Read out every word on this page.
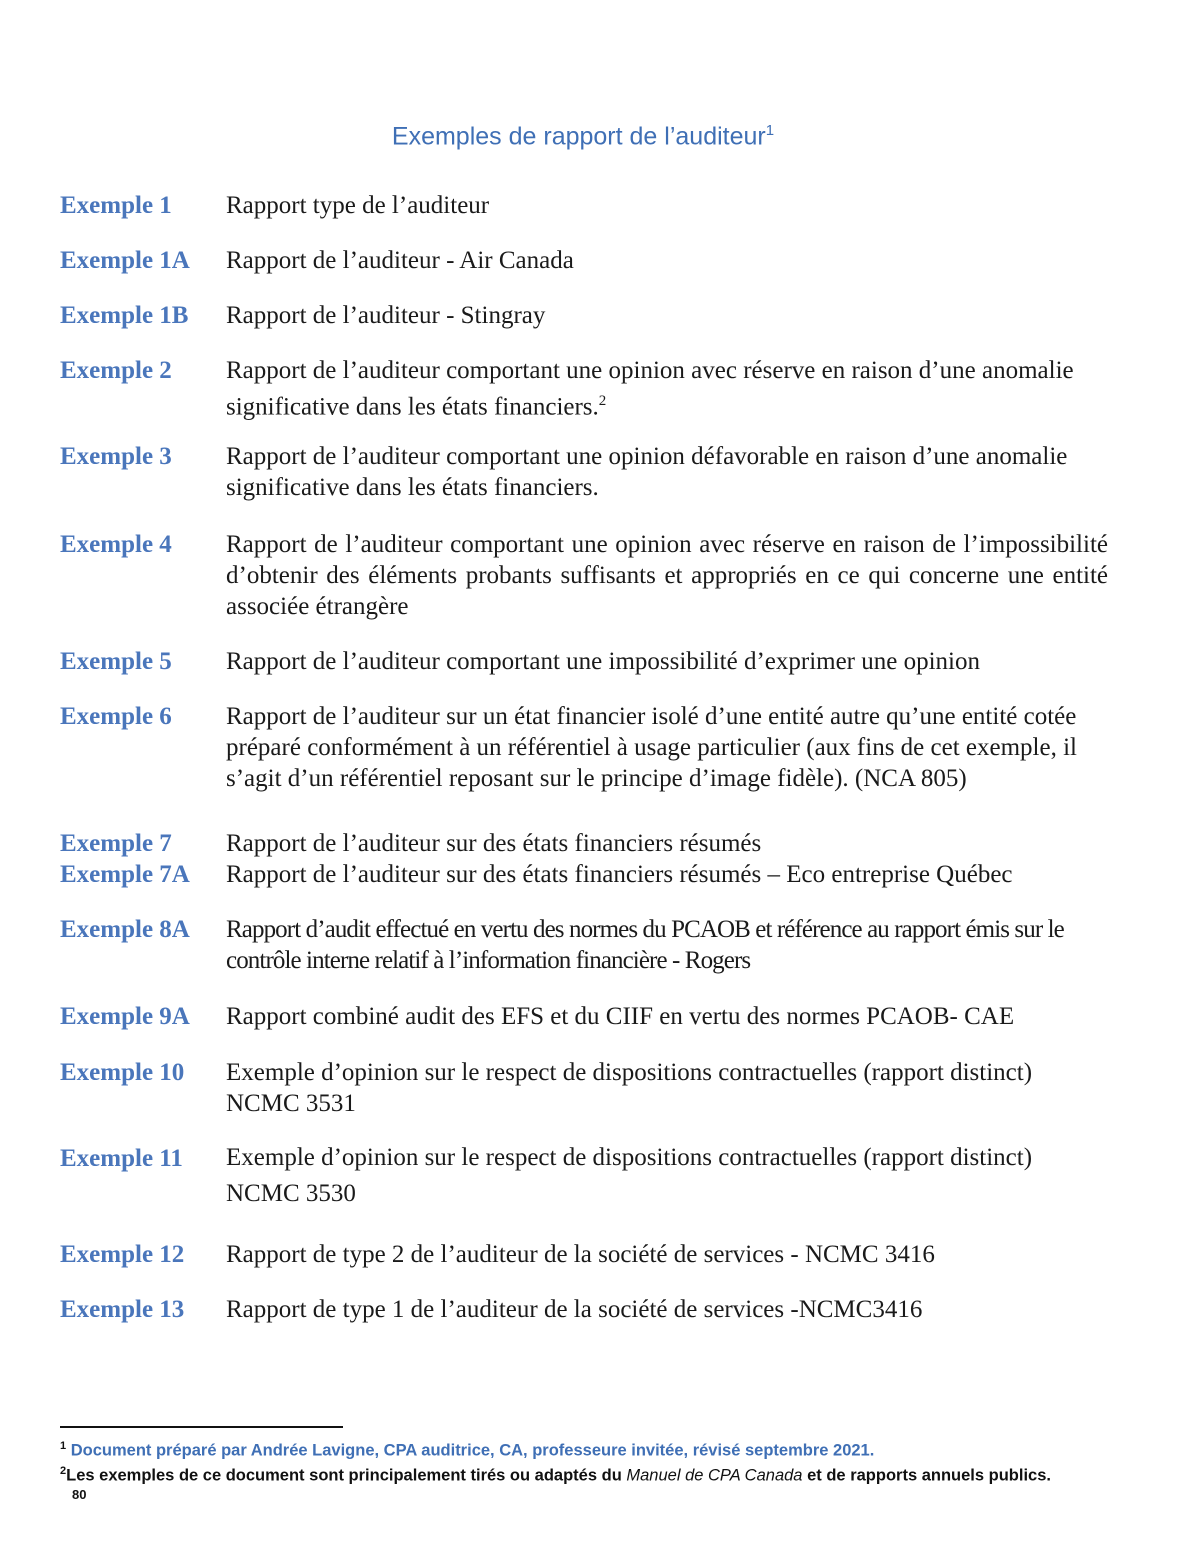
Exemples de rapport de l’auditeur$^1$
Exemple 1	Rapport type de l’auditeur
Exemple 1A	Rapport de l’auditeur - Air Canada
Exemple 1B	Rapport de l’auditeur - Stingray
Exemple 2	Rapport de l’auditeur comportant une opinion avec réserve en raison d’une anomalie significative dans les états financiers.$^2$
Exemple 3	Rapport de l’auditeur comportant une opinion défavorable en raison d’une anomalie significative dans les états financiers.
Exemple 4	Rapport de l’auditeur comportant une opinion avec réserve en raison de l’impossibilité d’obtenir des éléments probants suffisants et appropriés en ce qui concerne une entité associée étrangère
Exemple 5	Rapport de l’auditeur comportant une impossibilité d’exprimer une opinion
Exemple 6	Rapport de l’auditeur sur un état financier isolé d’une entité autre qu’une entité cotée préparé conformément à un référentiel à usage particulier (aux fins de cet exemple, il s’agit d’un référentiel reposant sur le principe d’image fidèle). (NCA 805)
Exemple 7	Rapport de l’auditeur sur des états financiers résumés
Exemple 7A	Rapport de l’auditeur sur des états financiers résumés – Eco entreprise Québec
Exemple 8A	Rapport d’audit effectué en vertu des normes du PCAOB et référence au rapport émis sur le contrôle interne relatif à l’information financière - Rogers
Exemple 9A	Rapport combiné audit des EFS et du CIIF en vertu des normes PCAOB- CAE
Exemple 10	Exemple d’opinion sur le respect de dispositions contractuelles (rapport distinct) NCMC 3531
Exemple 11	Exemple d’opinion sur le respect de dispositions contractuelles (rapport distinct) NCMC 3530
Exemple 12	Rapport de type 2 de l’auditeur de la société de services - NCMC 3416
Exemple 13	Rapport de type 1 de l’auditeur de la société de services -NCMC3416
$^1$ Document préparé par Andrée Lavigne, CPA auditrice, CA, professeure invitée, révisé septembre 2021.
$^2$Les exemples de ce document sont principalement tirés ou adaptés du Manuel de CPA Canada et de rapports annuels publics.
80
